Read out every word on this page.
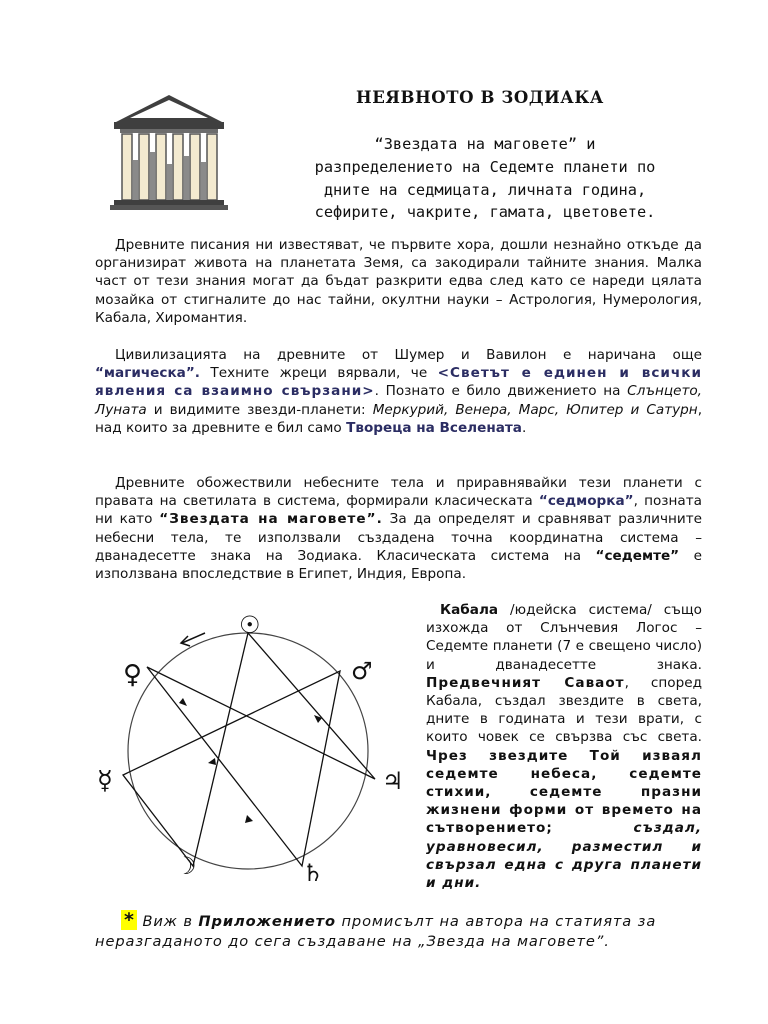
НЕЯВНОТО В ЗОДИАКА
“Звездата на маговете” и
разпределението на Седемте планети по
дните на седмицата, личната година,
сефирите, чакрите, гамата, цветовете.
Древните писания ни известяват, че първите хора, дошли незнайно откъде да организират живота на планетата Земя, са закодирали тайните знания. Малка част от тези знания могат да бъдат разкрити едва след като се нареди цялата мозайка от стигналите до нас тайни, окултни науки – Астрология, Нумерология, Кабала, Хиромантия.
Цивилизацията на древните от Шумер и Вавилон е наричана още “магическа”. Техните жреци вярвали, че <Светът е единен и всички явления са взаимно свързани>. Познато е било движението на Слънцето, Луната и видимите звезди-планети: Меркурий, Венера, Марс, Юпитер и Сатурн, над които за древните е бил само Твореца на Вселената.
Древните обожествили небесните тела и приравнявайки тези планети с правата на светилата в система, формирали класическата “седморка”, позната ни като “Звездата на маговете”. За да определят и сравняват различните небесни тела, те използвали създадена точна координатна система – дванадесетте знака на Зодиака. Класическата система на “седемте” е използвана впоследствие в Египет, Индия, Европа.
☉
♂
♃
♄
☽
☿
♀
Кабала /юдейска система/ също изхожда от Слънчевия Логос – Седемте планети (7 е свещено число) и дванадесетте знака. Предвечният Саваот, според Кабала, създал звездите в света, дните в годината и тези врати, с които човек се свързва със света. Чрез звездите Той изваял седемте небеса, седемте стихии, седемте празни жизнени форми от времето на сътворението; създал, уравновесил, разместил и свързал една с друга планети и дни.
* Виж в Приложението промисълт на автора на статията за неразгаданото до сега създаване на „Звезда на маговете”.
